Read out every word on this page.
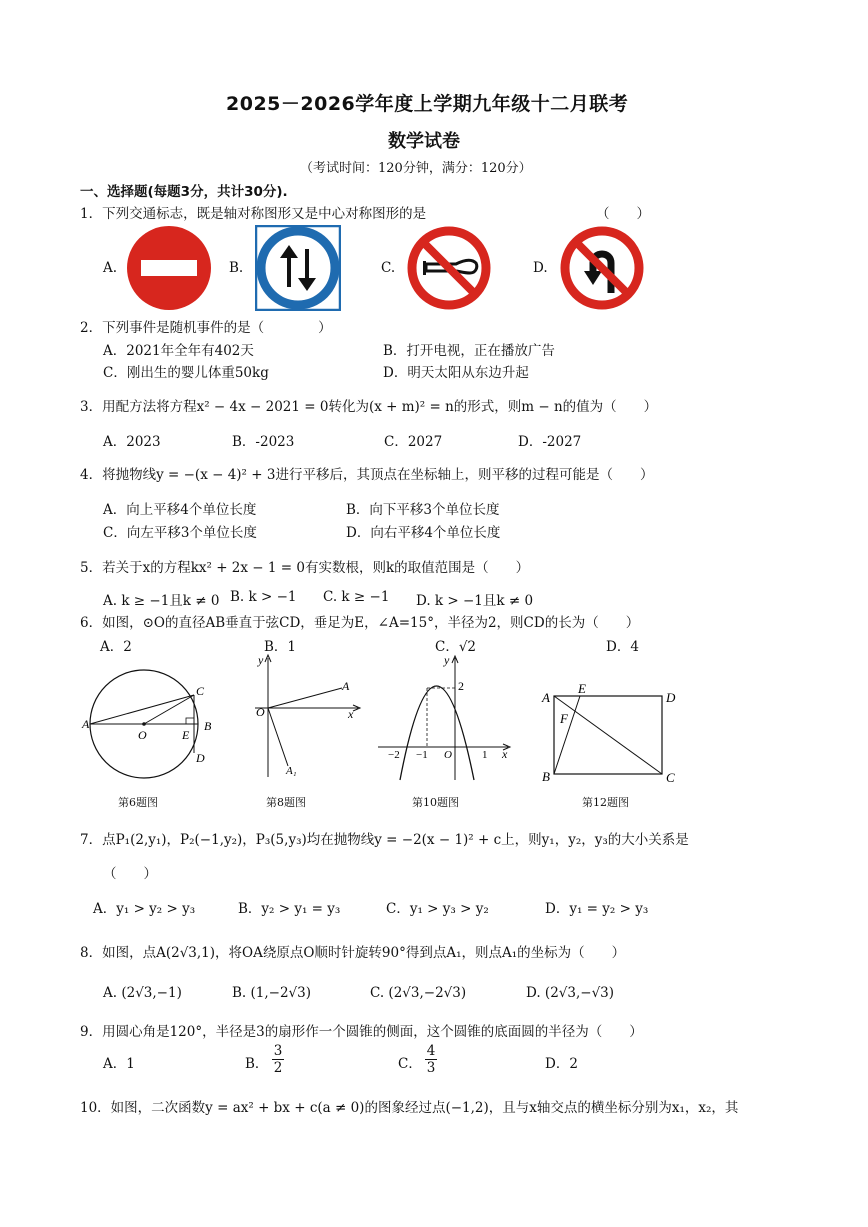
2025－2026学年度上学期九年级十二月联考
数学试卷
（考试时间：120分钟，满分：120分）
一、选择题(每题3分，共计30分).
1．下列交通标志，既是轴对称图形又是中心对称图形的是	（　　）
A.	B.	C.	D.
2．下列事件是随机事件的是（　　　　）
A．2021年全年有402天	B．打开电视，正在播放广告
C．刚出生的婴儿体重50kg	D．明天太阳从东边升起
3．用配方法将方程x² − 4x − 2021 = 0转化为(x + m)² = n的形式，则m − n的值为（　　）
A．2023	B．-2023	C．2027	D．-2027
4．将抛物线y = −(x − 4)² + 3进行平移后，其顶点在坐标轴上，则平移的过程可能是（　　）
A．向上平移4个单位长度	B．向下平移3个单位长度
C．向左平移3个单位长度	D．向右平移4个单位长度
5．若关于x的方程kx² + 2x − 1 = 0有实数根，则k的取值范围是（　　）
A. k ≥ −1且k ≠ 0 B. k > −1 C. k ≥ −1 D. k > −1且k ≠ 0
6．如图，⊙O的直径AB垂直于弦CD，垂足为E，∠A=15°，半径为2，则CD的长为（　　）
A．2	B．1	C．√2	D．4
A
O	E
B
C
D
第6题图
y
x
O
A
A₁
第8题图
y
x
2
−2 −1 O	1
第10题图
A
E
D
F
B	C
第12题图
7．点P₁(2,y₁)，P₂(−1,y₂)，P₃(5,y₃)均在抛物线y = −2(x − 1)² + c上，则y₁，y₂，y₃的大小关系是
（　　）
A．y₁ > y₂ > y₃	B．y₂ > y₁ = y₃	C．y₁ > y₃ > y₂	D．y₁ = y₂ > y₃
8．如图，点A(2√3,1)，将OA绕原点O顺时针旋转90°得到点A₁，则点A₁的坐标为（　　）
A. (2√3,−1)	B. (1,−2√3)	C. (2√3,−2√3)	D. (2√3,−√3)
9．用圆心角是120°，半径是3的扇形作一个圆锥的侧面，这个圆锥的底面圆的半径为（　　）
A．1	B． $\frac{3}{2}$	C． $\frac{4}{3}$	D．2
10．如图，二次函数y = ax² + bx + c(a ≠ 0)的图象经过点(−1,2)，且与x轴交点的横坐标分别为x₁，x₂，其
